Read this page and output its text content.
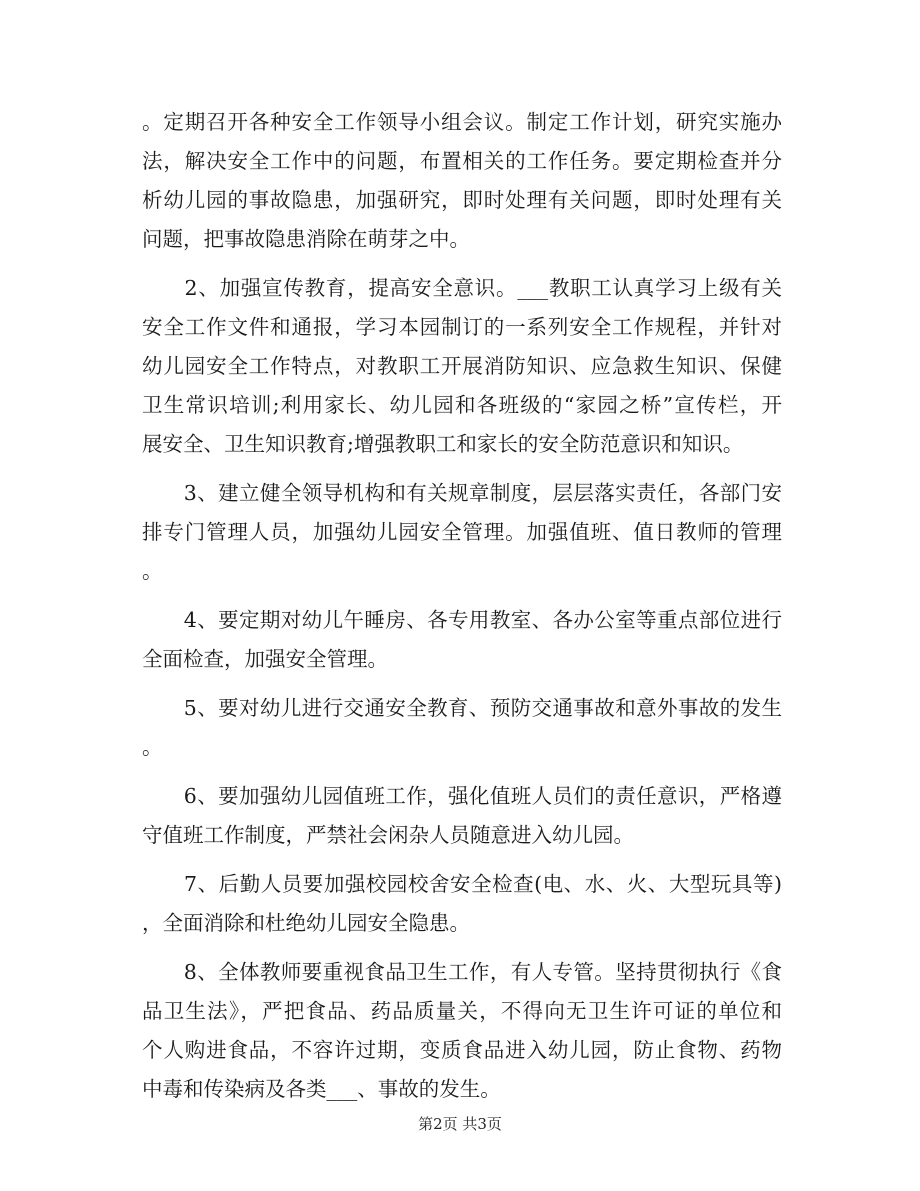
。定期召开各种安全工作领导小组会议。制定工作计划，研究实施办
法，解决安全工作中的问题，布置相关的工作任务。要定期检查并分
析幼儿园的事故隐患，加强研究，即时处理有关问题，即时处理有关
问题，把事故隐患消除在萌芽之中。

　　2、加强宣传教育，提高安全意识。___教职工认真学习上级有关
安全工作文件和通报，学习本园制订的一系列安全工作规程，并针对
幼儿园安全工作特点，对教职工开展消防知识、应急救生知识、保健
卫生常识培训;利用家长、幼儿园和各班级的“家园之桥”宣传栏，开
展安全、卫生知识教育;增强教职工和家长的安全防范意识和知识。

　　3、建立健全领导机构和有关规章制度，层层落实责任，各部门安
排专门管理人员，加强幼儿园安全管理。加强值班、值日教师的管理
。

　　4、要定期对幼儿午睡房、各专用教室、各办公室等重点部位进行
全面检查，加强安全管理。

　　5、要对幼儿进行交通安全教育、预防交通事故和意外事故的发生
。

　　6、要加强幼儿园值班工作，强化值班人员们的责任意识，严格遵
守值班工作制度，严禁社会闲杂人员随意进入幼儿园。

　　7、后勤人员要加强校园校舍安全检查(电、水、火、大型玩具等)
，全面消除和杜绝幼儿园安全隐患。

　　8、全体教师要重视食品卫生工作，有人专管。坚持贯彻执行《食
品卫生法》，严把食品、药品质量关，不得向无卫生许可证的单位和
个人购进食品，不容许过期，变质食品进入幼儿园，防止食物、药物
中毒和传染病及各类___、事故的发生。

第2页 共3页
